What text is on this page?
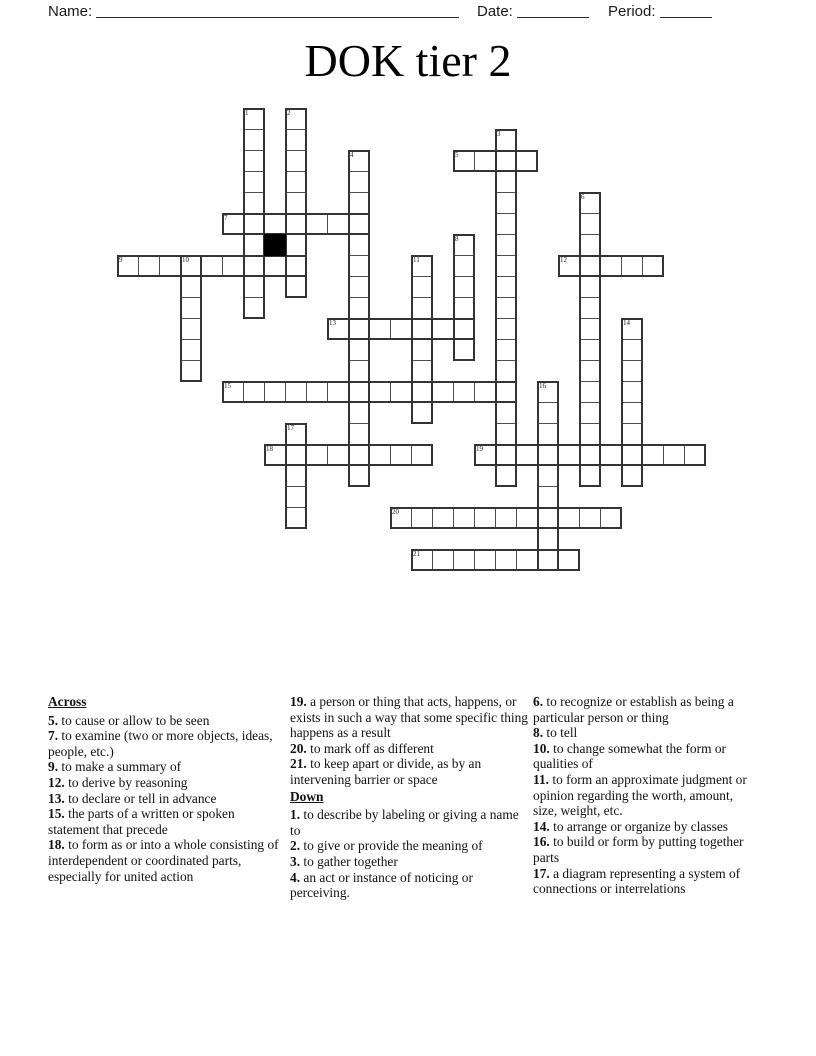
Name:	Date:	Period:
DOK tier 2
1	2
3
4	5
6
7
8
9	10	11	12
13	14
15	16
17
18	19
20
21
Across
5. to cause or allow to be seen
7. to examine (two or more objects, ideas, people, etc.)
9. to make a summary of
12. to derive by reasoning
13. to declare or tell in advance
15. the parts of a written or spoken statement that precede
18. to form as or into a whole consisting of interdependent or coordinated parts, especially for united action
19. a person or thing that acts, happens, or exists in such a way that some specific thing happens as a result
20. to mark off as different
21. to keep apart or divide, as by an intervening barrier or space
Down
1. to describe by labeling or giving a name to
2. to give or provide the meaning of
3. to gather together
4. an act or instance of noticing or perceiving.
6. to recognize or establish as being a particular person or thing
8. to tell
10. to change somewhat the form or qualities of
11. to form an approximate judgment or opinion regarding the worth, amount, size, weight, etc.
14. to arrange or organize by classes
16. to build or form by putting together parts
17. a diagram representing a system of connections or interrelations
